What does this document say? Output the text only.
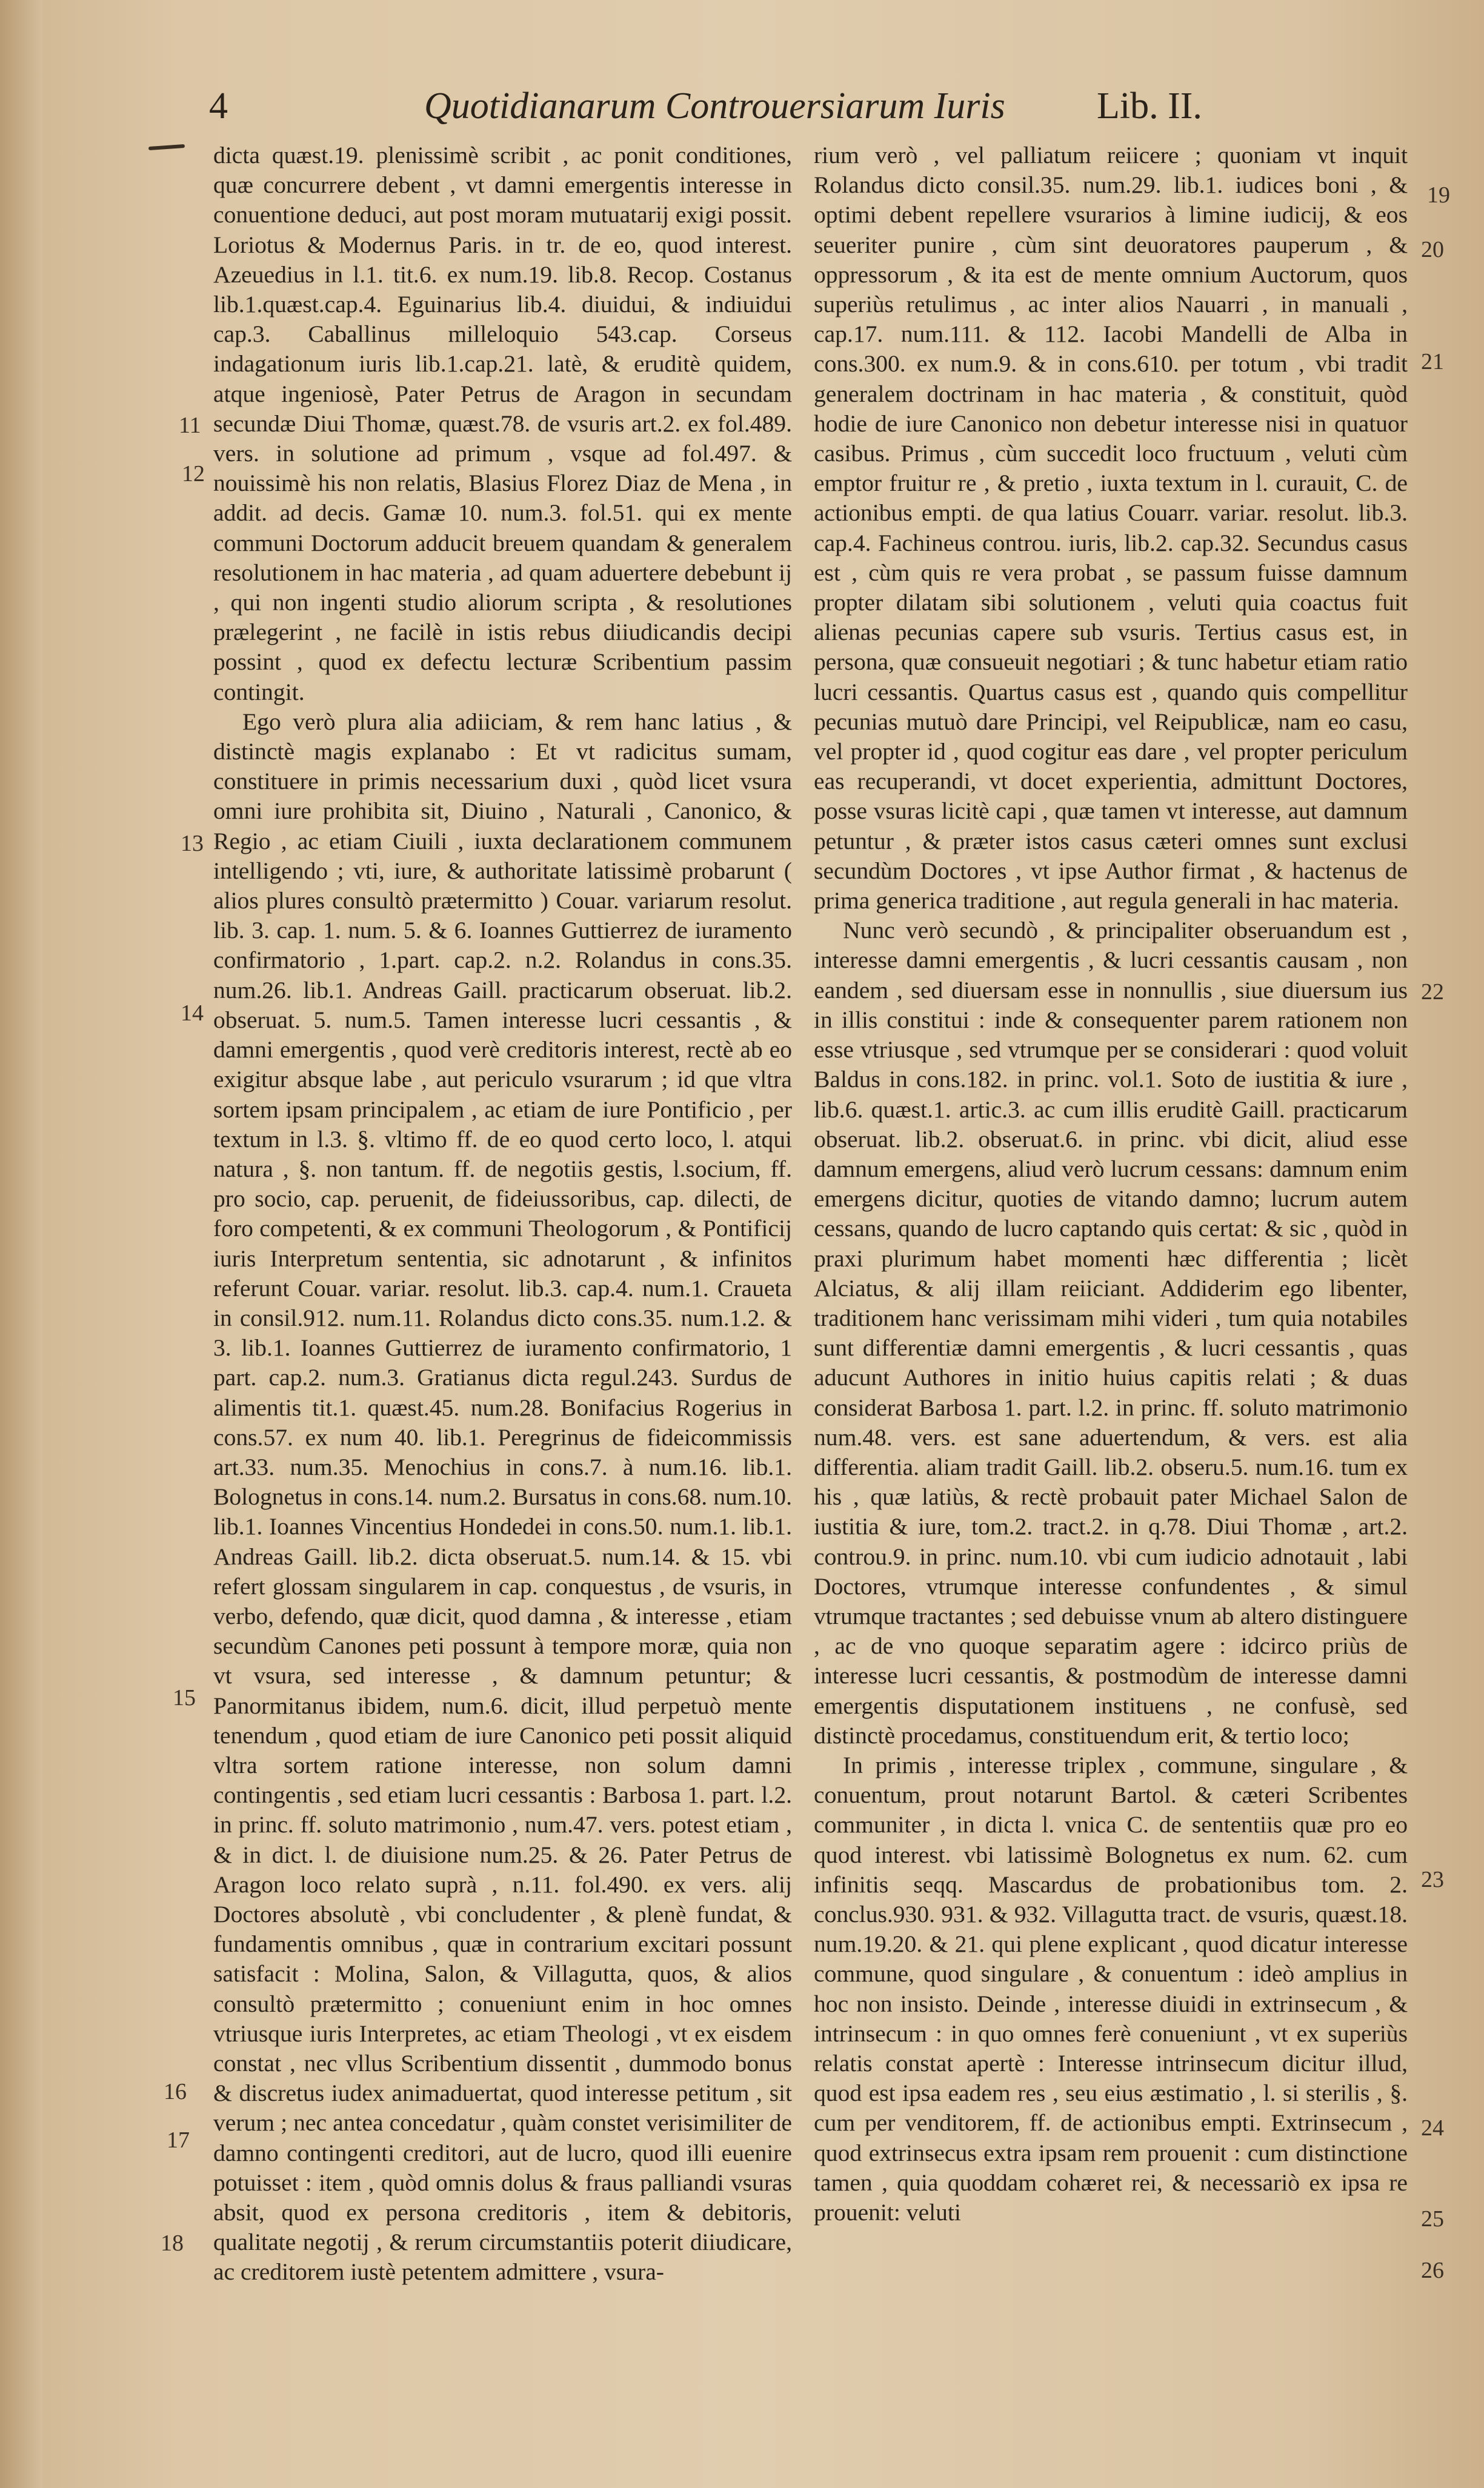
4	Quotidianarum Controuersiarum Iuris Lib. II.
11
12
13
14
15
16
17
18
19
20
21
22
23
24
25
26

dicta quæst.19. plenissimè scribit , ac ponit conditiones, quæ concurrere debent , vt damni emergentis interesse in conuentione deduci, aut post moram mutuatarij exigi possit. Loriotus & Modernus Paris. in tr. de eo, quod interest. Azeuedius in l.1. tit.6. ex num.19. lib.8. Recop. Costanus lib.1.quæst.cap.4. Eguinarius lib.4. diuidui, & indiuidui cap.3. Caballinus milleloquio 543.cap. Corseus indagationum iuris lib.1.cap.21. latè, & eruditè quidem, atque ingeniosè, Pater Petrus de Aragon in secundam secundæ Diui Thomæ, quæst.78. de vsuris art.2. ex fol.489. vers. in solutione ad primum , vsque ad fol.497. & nouissimè his non relatis, Blasius Florez Diaz de Mena , in addit. ad decis. Gamæ 10. num.3. fol.51. qui ex mente communi Doctorum adducit breuem quandam & generalem resolutionem in hac materia , ad quam aduertere debebunt ij , qui non ingenti studio aliorum scripta , & resolutiones prælegerint , ne facilè in istis rebus diiudicandis decipi possint , quod ex defectu lecturæ Scribentium passim contingit.

Ego verò plura alia adiiciam, & rem hanc latius , & distinctè magis explanabo : Et vt radicitus sumam, constituere in primis necessarium duxi , quòd licet vsura omni iure prohibita sit, Diuino , Naturali , Canonico, & Regio , ac etiam Ciuili , iuxta declarationem communem intelligendo ; vti, iure, & authoritate latissimè probarunt ( alios plures consultò prætermitto ) Couar. variarum resolut. lib. 3. cap. 1. num. 5. & 6. Ioannes Guttierrez de iuramento confirmatorio , 1.part. cap.2. n.2. Rolandus in cons.35. num.26. lib.1. Andreas Gaill. practicarum obseruat. lib.2. obseruat. 5. num.5. Tamen interesse lucri cessantis , & damni emergentis , quod verè creditoris interest, rectè ab eo exigitur absque labe , aut periculo vsurarum ; id que vltra sortem ipsam principalem , ac etiam de iure Pontificio , per textum in l.3. §. vltimo ff. de eo quod certo loco, l. atqui natura , §. non tantum. ff. de negotiis gestis, l.socium, ff. pro socio, cap. peruenit, de fideiussoribus, cap. dilecti, de foro competenti, & ex communi Theologorum , & Pontificij iuris Interpretum sententia, sic adnotarunt , & infinitos referunt Couar. variar. resolut. lib.3. cap.4. num.1. Craueta in consil.912. num.11. Rolandus dicto cons.35. num.1.2. & 3. lib.1. Ioannes Guttierrez de iuramento confirmatorio, 1 part. cap.2. num.3. Gratianus dicta regul.243. Surdus de alimentis tit.1. quæst.45. num.28. Bonifacius Rogerius in cons.57. ex num 40. lib.1. Peregrinus de fideicommissis art.33. num.35. Menochius in cons.7. à num.16. lib.1. Bolognetus in cons.14. num.2. Bursatus in cons.68. num.10. lib.1. Ioannes Vincentius Hondedei in cons.50. num.1. lib.1. Andreas Gaill. lib.2. dicta obseruat.5. num.14. & 15. vbi refert glossam singularem in cap. conquestus , de vsuris, in verbo, defendo, quæ dicit, quod damna , & interesse , etiam secundùm Canones peti possunt à tempore moræ, quia non vt vsura, sed interesse , & damnum petuntur; & Panormitanus ibidem, num.6. dicit, illud perpetuò mente tenendum , quod etiam de iure Canonico peti possit aliquid vltra sortem ratione interesse, non solum damni contingentis , sed etiam lucri cessantis : Barbosa 1. part. l.2. in princ. ff. soluto matrimonio , num.47. vers. potest etiam , & in dict. l. de diuisione num.25. & 26. Pater Petrus de Aragon loco relato suprà , n.11. fol.490. ex vers. alij Doctores absolutè , vbi concludenter , & plenè fundat, & fundamentis omnibus , quæ in contrarium excitari possunt satisfacit : Molina, Salon, & Villagutta, quos, & alios consultò prætermitto ; conueniunt enim in hoc omnes vtriusque iuris Interpretes, ac etiam Theologi , vt ex eisdem constat , nec vllus Scribentium dissentit , dummodo bonus & discretus iudex animaduertat, quod interesse petitum , sit verum ; nec antea concedatur , quàm constet verisimiliter de damno contingenti creditori, aut de lucro, quod illi euenire potuisset : item , quòd omnis dolus & fraus palliandi vsuras absit, quod ex persona creditoris , item & debitoris, qualitate negotij , & rerum circumstantiis poterit diiudicare, ac creditorem iustè petentem admittere , vsura-

rium verò , vel palliatum reiicere ; quoniam vt inquit Rolandus dicto consil.35. num.29. lib.1. iudices boni , & optimi debent repellere vsurarios à limine iudicij, & eos seueriter punire , cùm sint deuoratores pauperum , & oppressorum , & ita est de mente omnium Auctorum, quos superiùs retulimus , ac inter alios Nauarri , in manuali , cap.17. num.111. & 112. Iacobi Mandelli de Alba in cons.300. ex num.9. & in cons.610. per totum , vbi tradit generalem doctrinam in hac materia , & constituit, quòd hodie de iure Canonico non debetur interesse nisi in quatuor casibus. Primus , cùm succedit loco fructuum , veluti cùm emptor fruitur re , & pretio , iuxta textum in l. curauit, C. de actionibus empti. de qua latius Couarr. variar. resolut. lib.3. cap.4. Fachineus controu. iuris, lib.2. cap.32. Secundus casus est , cùm quis re vera probat , se passum fuisse damnum propter dilatam sibi solutionem , veluti quia coactus fuit alienas pecunias capere sub vsuris. Tertius casus est, in persona, quæ consueuit negotiari ; & tunc habetur etiam ratio lucri cessantis. Quartus casus est , quando quis compellitur pecunias mutuò dare Principi, vel Reipublicæ, nam eo casu, vel propter id , quod cogitur eas dare , vel propter periculum eas recuperandi, vt docet experientia, admittunt Doctores, posse vsuras licitè capi , quæ tamen vt interesse, aut damnum petuntur , & præter istos casus cæteri omnes sunt exclusi secundùm Doctores , vt ipse Author firmat , & hactenus de prima generica traditione , aut regula generali in hac materia.

Nunc verò secundò , & principaliter obseruandum est , interesse damni emergentis , & lucri cessantis causam , non eandem , sed diuersam esse in nonnullis , siue diuersum ius in illis constitui : inde & consequenter parem rationem non esse vtriusque , sed vtrumque per se considerari : quod voluit Baldus in cons.182. in princ. vol.1. Soto de iustitia & iure , lib.6. quæst.1. artic.3. ac cum illis eruditè Gaill. practicarum obseruat. lib.2. obseruat.6. in princ. vbi dicit, aliud esse damnum emergens, aliud verò lucrum cessans: damnum enim emergens dicitur, quoties de vitando damno; lucrum autem cessans, quando de lucro captando quis certat: & sic , quòd in praxi plurimum habet momenti hæc differentia ; licèt Alciatus, & alij illam reiiciant. Addiderim ego libenter, traditionem hanc verissimam mihi videri , tum quia notabiles sunt differentiæ damni emergentis , & lucri cessantis , quas aducunt Authores in initio huius capitis relati ; & duas considerat Barbosa 1. part. l.2. in princ. ff. soluto matrimonio num.48. vers. est sane aduertendum, & vers. est alia differentia. aliam tradit Gaill. lib.2. obseru.5. num.16. tum ex his , quæ latiùs, & rectè probauit pater Michael Salon de iustitia & iure, tom.2. tract.2. in q.78. Diui Thomæ , art.2. controu.9. in princ. num.10. vbi cum iudicio adnotauit , labi Doctores, vtrumque interesse confundentes , & simul vtrumque tractantes ; sed debuisse vnum ab altero distinguere , ac de vno quoque separatim agere : idcirco priùs de interesse lucri cessantis, & postmodùm de interesse damni emergentis disputationem instituens , ne confusè, sed distinctè procedamus, constituendum erit, & tertio loco;

In primis , interesse triplex , commune, singulare , & conuentum, prout notarunt Bartol. & cæteri Scribentes communiter , in dicta l. vnica C. de sententiis quæ pro eo quod interest. vbi latissimè Bolognetus ex num. 62. cum infinitis seqq. Mascardus de probationibus tom. 2. conclus.930. 931. & 932. Villagutta tract. de vsuris, quæst.18. num.19.20. & 21. qui plene explicant , quod dicatur interesse commune, quod singulare , & conuentum : ideò amplius in hoc non insisto. Deinde , interesse diuidi in extrinsecum , & intrinsecum : in quo omnes ferè conueniunt , vt ex superiùs relatis constat apertè : Interesse intrinsecum dicitur illud, quod est ipsa eadem res , seu eius æstimatio , l. si sterilis , §. cum per venditorem, ff. de actionibus empti. Extrinsecum , quod extrinsecus extra ipsam rem prouenit : cum distinctione tamen , quia quoddam cohæret rei, & necessariò ex ipsa re prouenit: veluti
